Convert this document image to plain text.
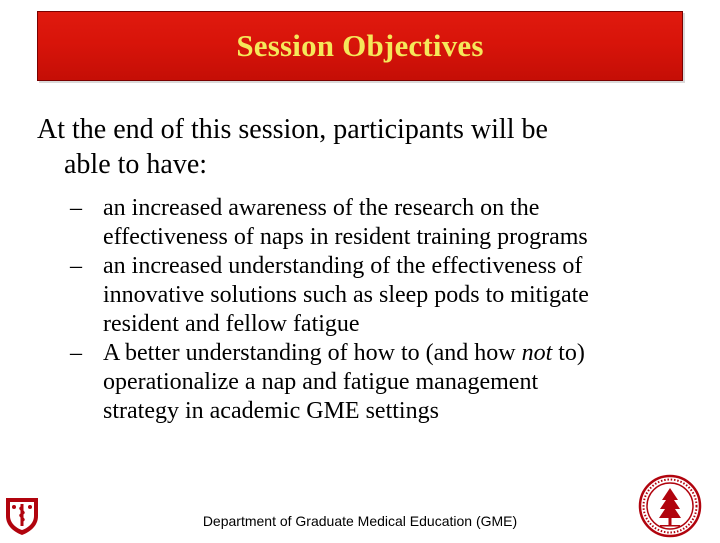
Session Objectives
At the end of this session, participants will be
able to have:
– an increased awareness of the research on the
effectiveness of naps in resident training programs
– an increased understanding of the effectiveness of
innovative solutions such as sleep pods to mitigate
resident and fellow fatigue
– A better understanding of how to (and how not to)
operationalize a nap and fatigue management
strategy in academic GME settings
Department of Graduate Medical Education (GME)
